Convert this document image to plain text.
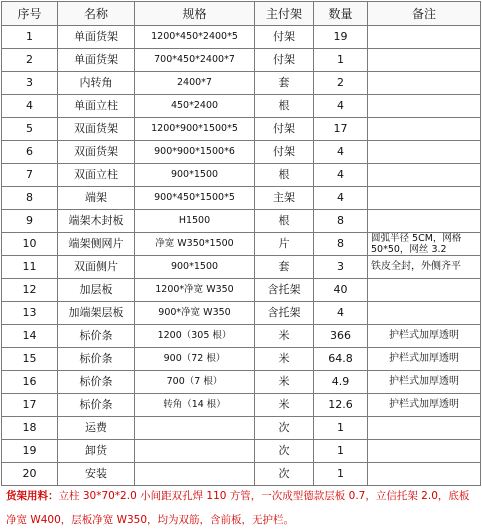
序号	名称	规格	主付架	数量	备注
1	单面货架	1200*450*2400*5	付架	19	
2	单面货架	700*450*2400*7	付架	1	
3	内转角	2400*7	套	2	
4	单面立柱	450*2400	根	4	
5	双面货架	1200*900*1500*5	付架	17	
6	双面货架	900*900*1500*6	付架	4	
7	双面立柱	900*1500	根	4	
8	端架	900*450*1500*5	主架	4	
9	端架木封板	H1500	根	8	
10	端架侧网片	净宽 W350*1500	片	8	圆弧半径 5CM，网格 50*50，网丝 3.2
11	双面侧片	900*1500	套	3	铁皮全封，外侧齐平
12	加层板	1200*净宽 W350	含托架	40	
13	加端架层板	900*净宽 W350	含托架	4	
14	标价条	1200（305 根）	米	366	护栏式加厚透明
15	标价条	900（72 根）	米	64.8	护栏式加厚透明
16	标价条	700（7 根）	米	4.9	护栏式加厚透明
17	标价条	转角（14 根）	米	12.6	护栏式加厚透明
18	运费		次	1	
19	卸货		次	1	
20	安装		次	1	
货架用料：立柱 30*70*2.0 小间距双孔焊 110 方管，一次成型德款层板 0.7，立信托架 2.0，底板净宽 W400，层板净宽 W350，均为双筋，含前板，无护栏。
